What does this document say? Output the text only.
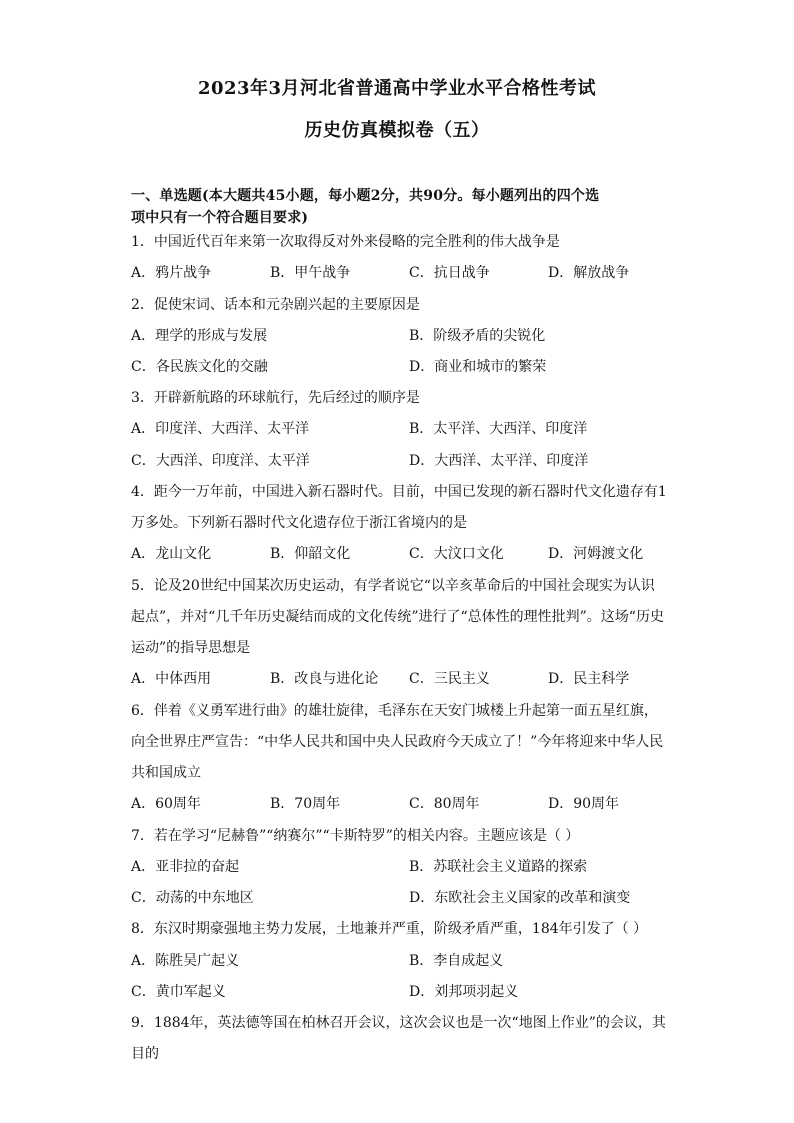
2023年3月河北省普通高中学业水平合格性考试
历史仿真模拟卷（五）
一、单选题(本大题共45小题，每小题2分，共90分。每小题列出的四个选
项中只有一个符合题目要求)
1．中国近代百年来第一次取得反对外来侵略的完全胜利的伟大战争是
A．鸦片战争	B．甲午战争	C．抗日战争	D．解放战争
2．促使宋词、话本和元杂剧兴起的主要原因是
A．理学的形成与发展	B．阶级矛盾的尖锐化
C．各民族文化的交融	D．商业和城市的繁荣
3．开辟新航路的环球航行，先后经过的顺序是
A．印度洋、大西洋、太平洋	B．太平洋、大西洋、印度洋
C．大西洋、印度洋、太平洋	D．大西洋、太平洋、印度洋
4．距今一万年前，中国进入新石器时代。目前，中国已发现的新石器时代文化遗存有1
万多处。下列新石器时代文化遗存位于浙江省境内的是
A．龙山文化	B．仰韶文化	C．大汶口文化	D．河姆渡文化
5．论及20世纪中国某次历史运动，有学者说它“以辛亥革命后的中国社会现实为认识
起点”，并对“几千年历史凝结而成的文化传统”进行了“总体性的理性批判”。这场“历史
运动”的指导思想是
A．中体西用	B．改良与进化论 C．三民主义	D．民主科学
6．伴着《义勇军进行曲》的雄壮旋律，毛泽东在天安门城楼上升起第一面五星红旗，
向全世界庄严宣告：“中华人民共和国中央人民政府今天成立了！”今年将迎来中华人民
共和国成立
A．60周年	B．70周年	C．80周年	D．90周年
7．若在学习“尼赫鲁”“纳赛尔”“卡斯特罗”的相关内容。主题应该是（ ）
A．亚非拉的奋起	B．苏联社会主义道路的探索
C．动荡的中东地区	D．东欧社会主义国家的改革和演变
8．东汉时期豪强地主势力发展，土地兼并严重，阶级矛盾严重，184年引发了（ ）
A．陈胜吴广起义	B．李自成起义
C．黄巾军起义	D．刘邦项羽起义
9．1884年，英法德等国在柏林召开会议，这次会议也是一次“地图上作业”的会议，其
目的
